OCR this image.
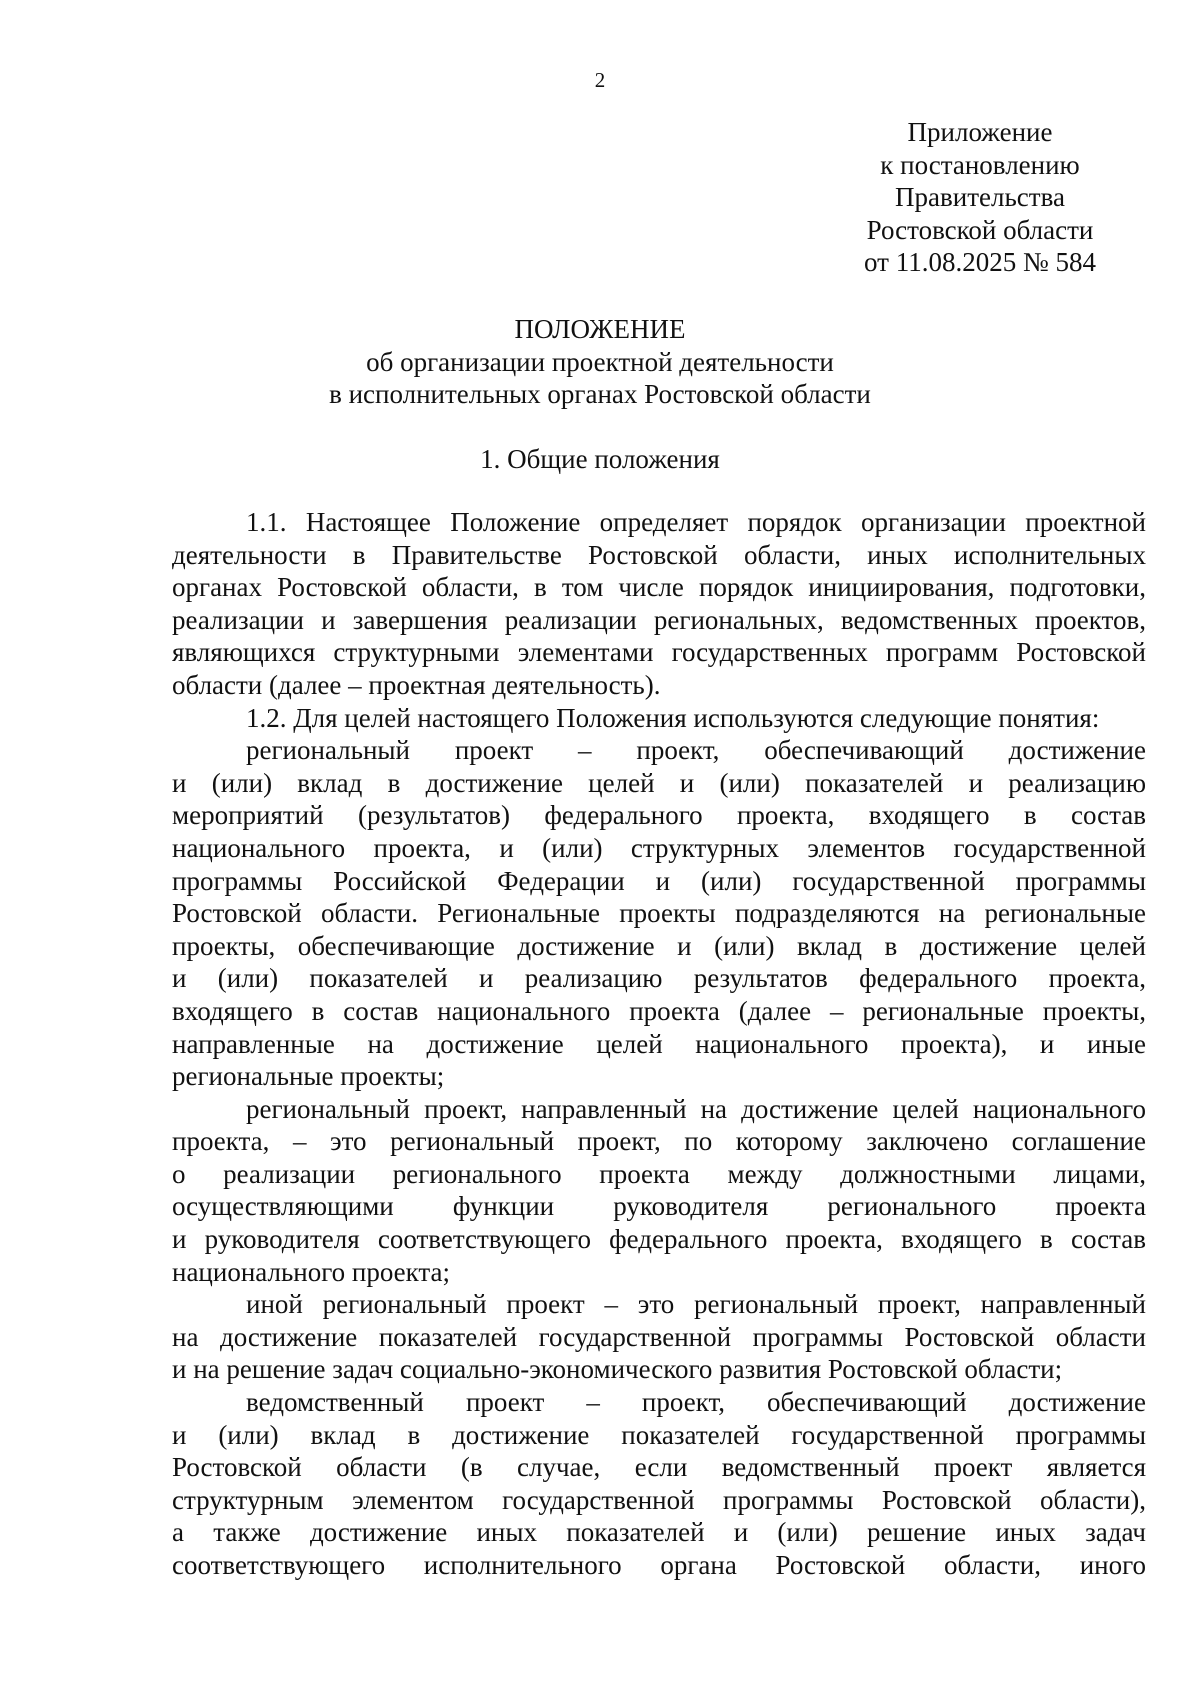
2
Приложение
к постановлению
Правительства
Ростовской области
от 11.08.2025 № 584
ПОЛОЖЕНИЕ
об организации проектной деятельности
в исполнительных органах Ростовской области
1. Общие положения
1.1. Настоящее Положение определяет порядок организации проектной
деятельности в Правительстве Ростовской области, иных исполнительных
органах Ростовской области, в том числе порядок инициирования, подготовки,
реализации и завершения реализации региональных, ведомственных проектов,
являющихся структурными элементами государственных программ Ростовской
области (далее – проектная деятельность).
1.2. Для целей настоящего Положения используются следующие понятия:
региональный проект – проект, обеспечивающий достижение
и (или) вклад в достижение целей и (или) показателей и реализацию
мероприятий (результатов) федерального проекта, входящего в состав
национального проекта, и (или) структурных элементов государственной
программы Российской Федерации и (или) государственной программы
Ростовской области. Региональные проекты подразделяются на региональные
проекты, обеспечивающие достижение и (или) вклад в достижение целей
и (или) показателей и реализацию результатов федерального проекта,
входящего в состав национального проекта (далее – региональные проекты,
направленные на достижение целей национального проекта), и иные
региональные проекты;
региональный проект, направленный на достижение целей национального
проекта, – это региональный проект, по которому заключено соглашение
о реализации регионального проекта между должностными лицами,
осуществляющими функции руководителя регионального проекта
и руководителя соответствующего федерального проекта, входящего в состав
национального проекта;
иной региональный проект – это региональный проект, направленный
на достижение показателей государственной программы Ростовской области
и на решение задач социально-экономического развития Ростовской области;
ведомственный проект – проект, обеспечивающий достижение
и (или) вклад в достижение показателей государственной программы
Ростовской области (в случае, если ведомственный проект является
структурным элементом государственной программы Ростовской области),
а также достижение иных показателей и (или) решение иных задач
соответствующего исполнительного органа Ростовской области, иного
